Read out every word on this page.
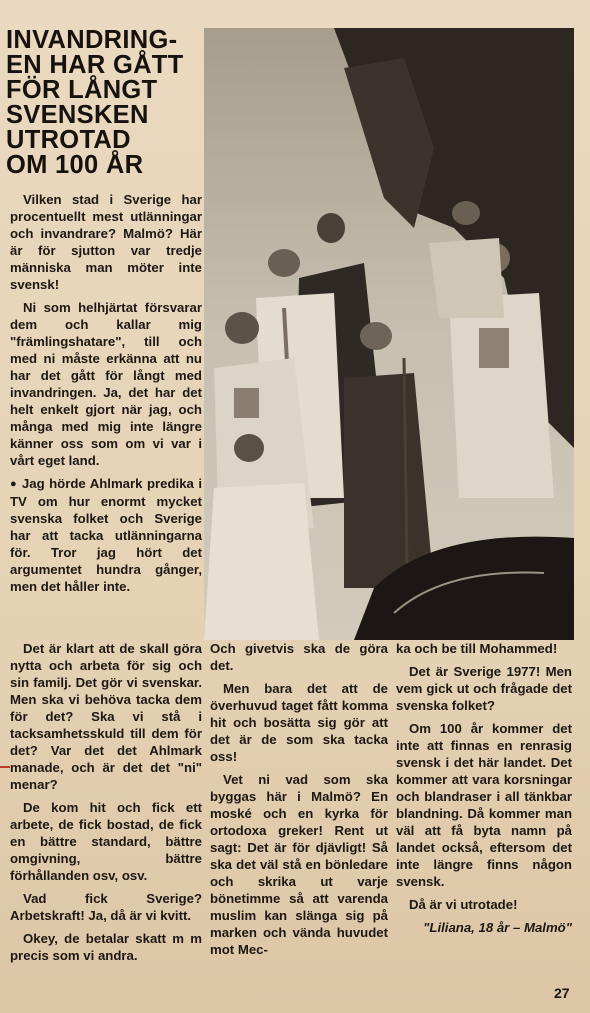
INVANDRING-
EN HAR GÅTT
FÖR LÅNGT
SVENSKEN
UTROTAD
OM 100 ÅR

Vilken stad i Sverige har procentuellt mest utlänningar och invandrare? Malmö? Här är för sjutton var tredje människa man möter inte svensk!

Ni som helhjärtat försvarar dem och kallar mig "främlingshatare", till och med ni måste erkänna att nu har det gått för långt med invandringen. Ja, det har det helt enkelt gjort när jag, och många med mig inte längre känner oss som om vi var i vårt eget land.

● Jag hörde Ahlmark predika i TV om hur enormt mycket svenska folket och Sverige har att tacka utlänningarna för. Tror jag hört det argumentet hundra gånger, men det håller inte.

Det är klart att de skall göra nytta och arbeta för sig och sin familj. Det gör vi svenskar. Men ska vi behöva tacka dem för det? Ska vi stå i tacksamhetsskuld till dem för det? Var det det Ahlmark manade, och är det det "ni" menar?

De kom hit och fick ett arbete, de fick bostad, de fick en bättre standard, bättre omgivning, bättre förhållanden osv, osv.

Vad fick Sverige? Arbetskraft! Ja, då är vi kvitt.

Okey, de betalar skatt m m precis som vi andra.

Och givetvis ska de göra det.

Men bara det att de överhuvud taget fått komma hit och bosätta sig gör att det är de som ska tacka oss!

Vet ni vad som ska byggas här i Malmö? En moské och en kyrka för ortodoxa greker! Rent ut sagt: Det är för djävligt! Så ska det väl stå en bönledare och skrika ut varje bönetimme så att varenda muslim kan slänga sig på marken och vända huvudet mot Mec-

ka och be till Mohammed!

Det är Sverige 1977! Men vem gick ut och frågade det svenska folket?

Om 100 år kommer det inte att finnas en renrasig svensk i det här landet. Det kommer att vara korsningar och blandraser i all tänkbar blandning. Då kommer man väl att få byta namn på landet också, eftersom det inte längre finns någon svensk.

Då är vi utrotade!

"Liliana, 18 år – Malmö"

27
